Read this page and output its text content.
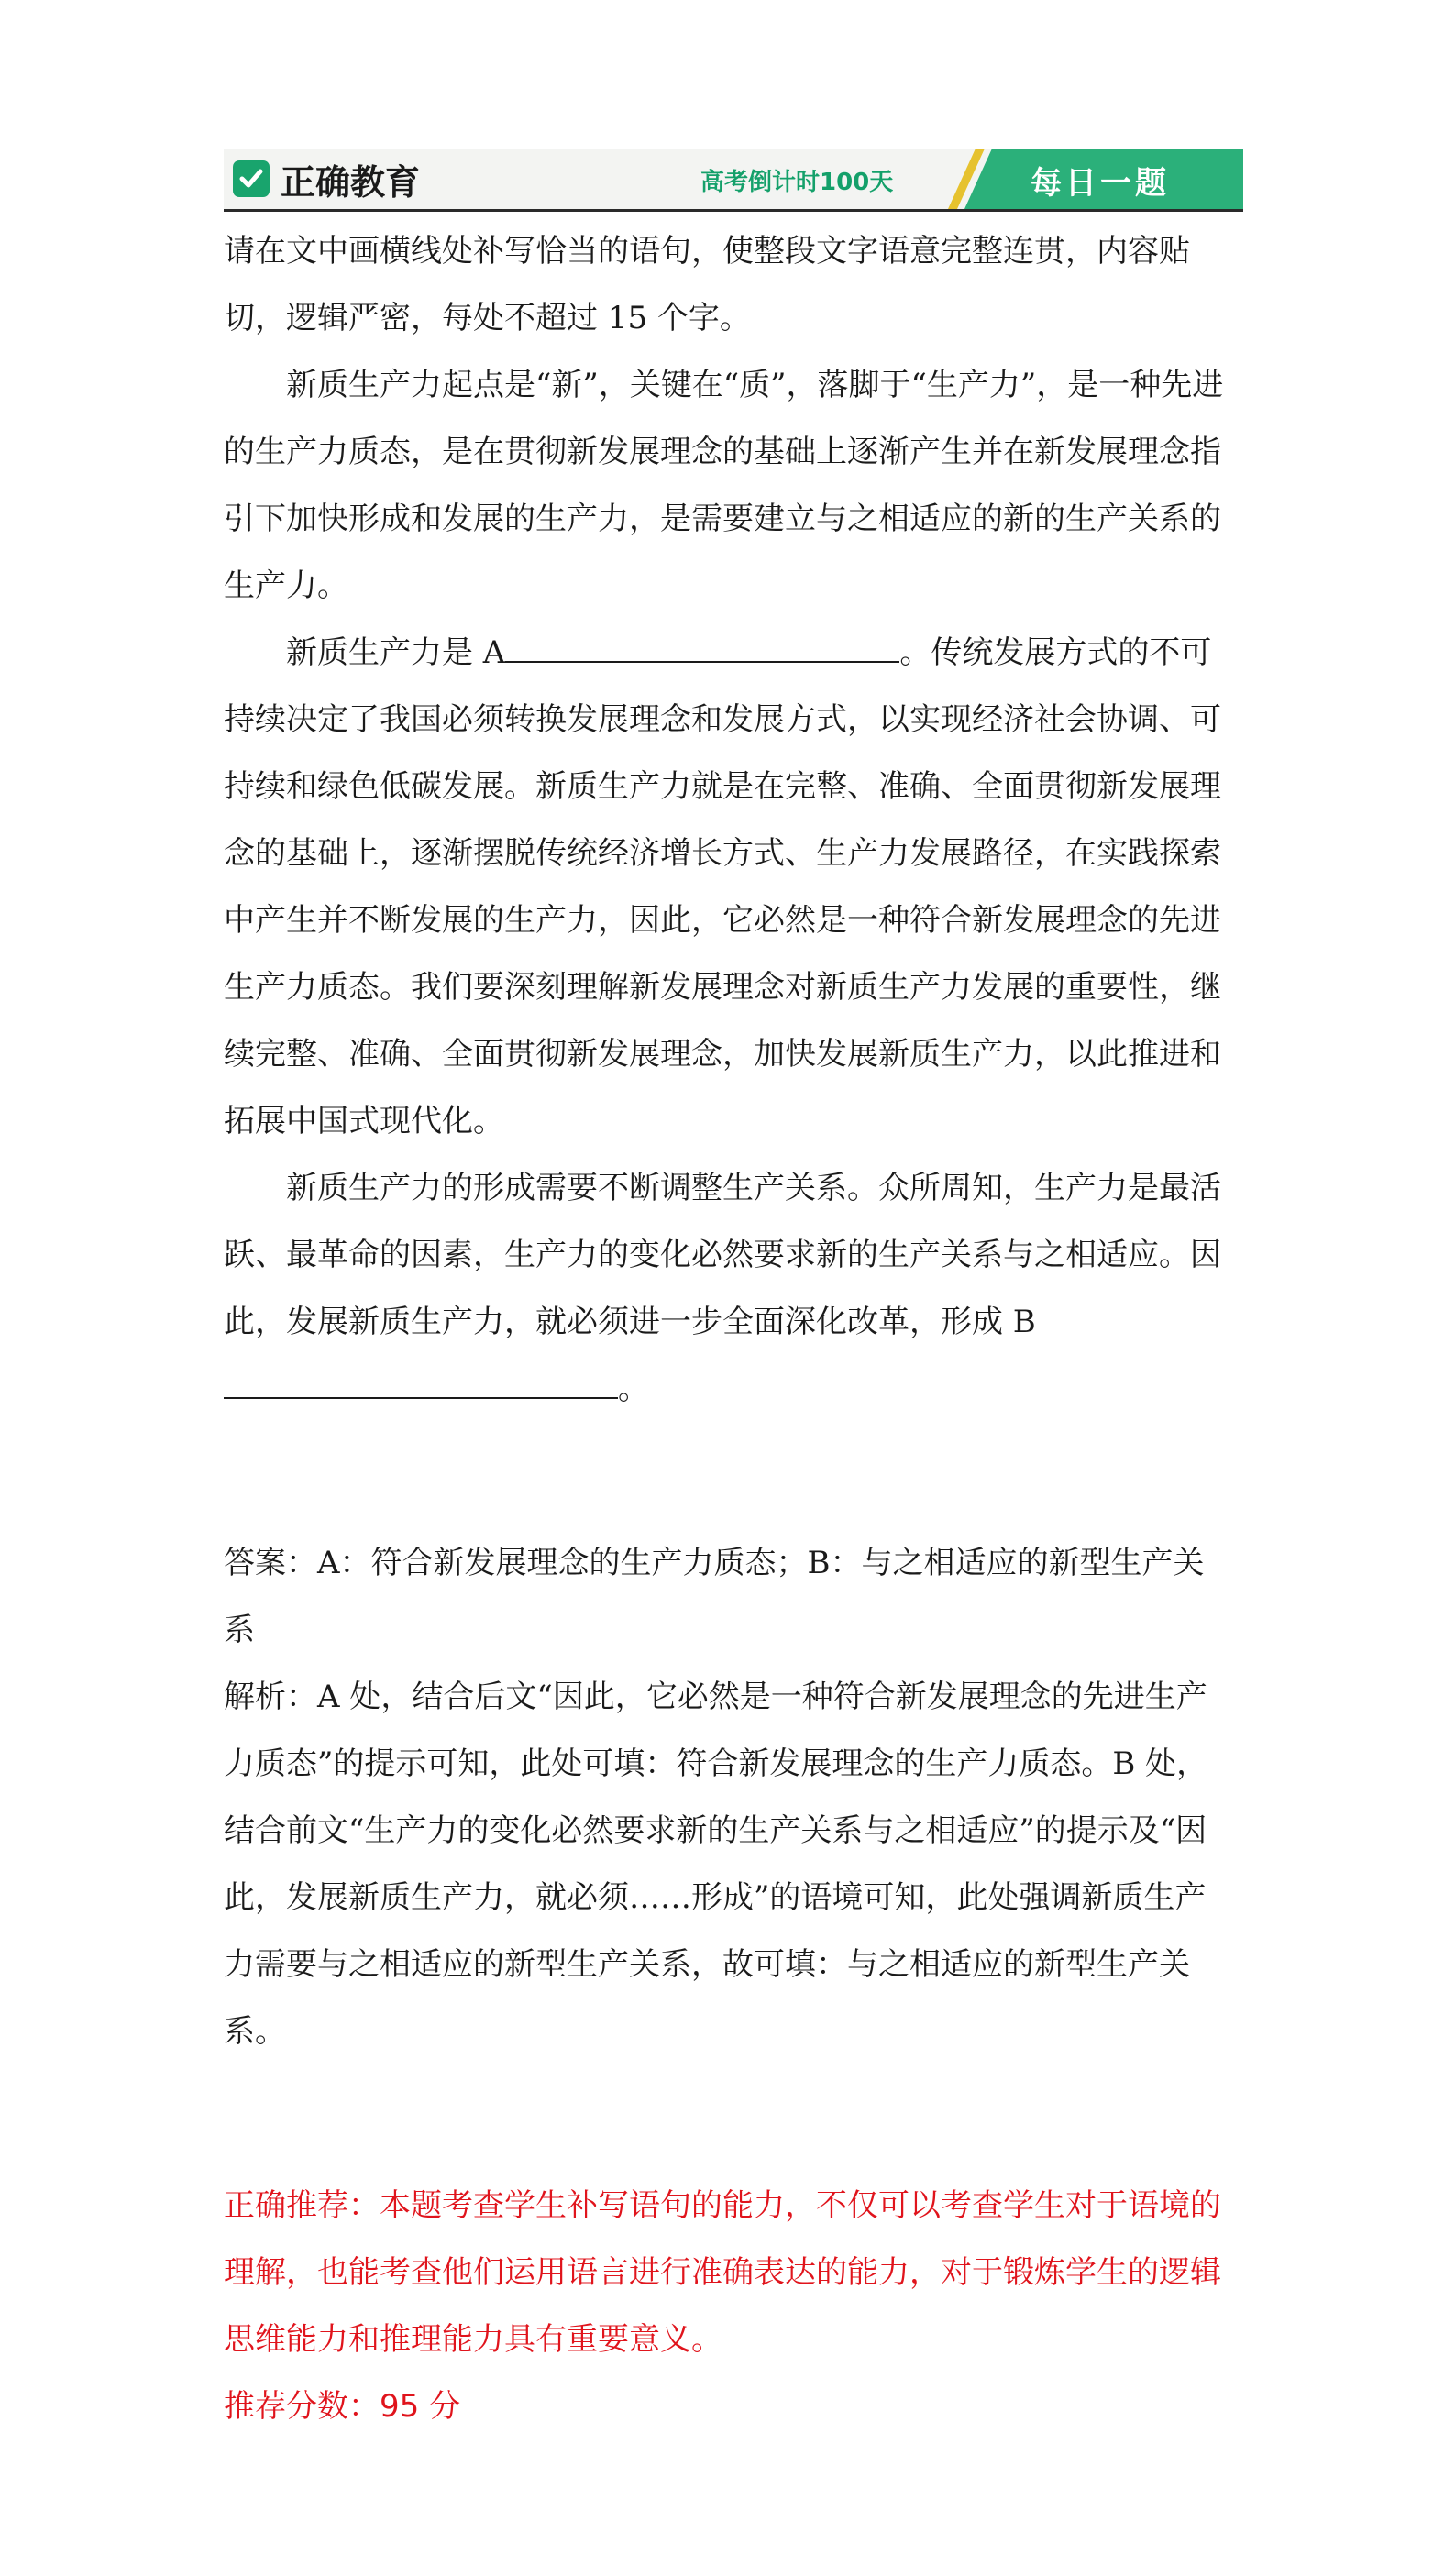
正确教育	高考倒计时100天	每日一题

请在文中画横线处补写恰当的语句，使整段文字语意完整连贯，内容贴切，逻辑严密，每处不超过 15 个字。

新质生产力起点是“新”，关键在“质”，落脚于“生产力”，是一种先进的生产力质态，是在贯彻新发展理念的基础上逐渐产生并在新发展理念指引下加快形成和发展的生产力，是需要建立与之相适应的新的生产关系的生产力。

新质生产力是 A	。传统发展方式的不可持续决定了我国必须转换发展理念和发展方式，以实现经济社会协调、可持续和绿色低碳发展。新质生产力就是在完整、准确、全面贯彻新发展理念的基础上，逐渐摆脱传统经济增长方式、生产力发展路径，在实践探索中产生并不断发展的生产力，因此，它必然是一种符合新发展理念的先进生产力质态。我们要深刻理解新发展理念对新质生产力发展的重要性，继续完整、准确、全面贯彻新发展理念，加快发展新质生产力，以此推进和拓展中国式现代化。

新质生产力的形成需要不断调整生产关系。众所周知，生产力是最活跃、最革命的因素，生产力的变化必然要求新的生产关系与之相适应。因此，发展新质生产力，就必须进一步全面深化改革，形成 B。

答案：A：符合新发展理念的生产力质态；B：与之相适应的新型生产关系

解析：A 处，结合后文“因此，它必然是一种符合新发展理念的先进生产力质态”的提示可知，此处可填：符合新发展理念的生产力质态。B 处，结合前文“生产力的变化必然要求新的生产关系与之相适应”的提示及“因此，发展新质生产力，就必须……形成”的语境可知，此处强调新质生产力需要与之相适应的新型生产关系，故可填：与之相适应的新型生产关系。

正确推荐：本题考查学生补写语句的能力，不仅可以考查学生对于语境的理解，也能考查他们运用语言进行准确表达的能力，对于锻炼学生的逻辑思维能力和推理能力具有重要意义。

推荐分数：95 分
